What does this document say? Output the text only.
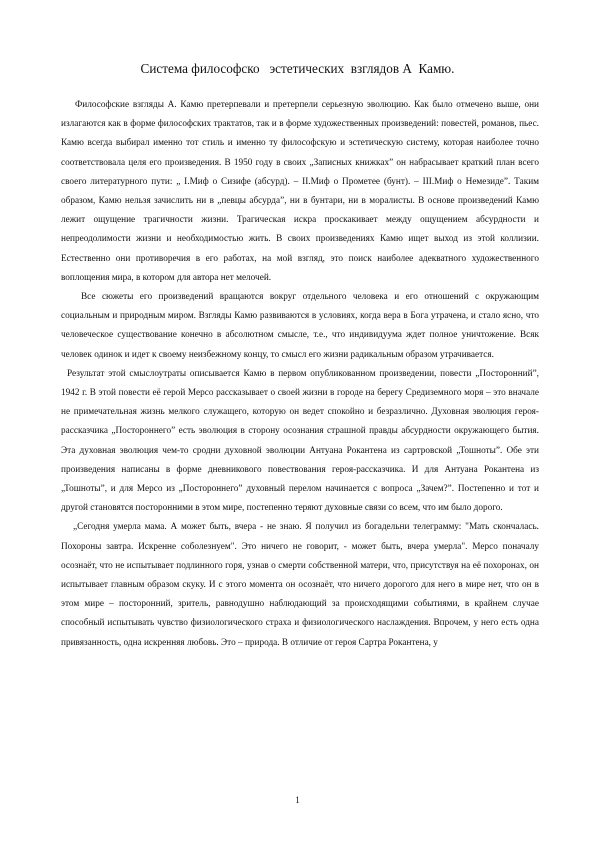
Система философско   эстетических  взглядов А  Камю.

Философские взгляды А. Камю претерпевали и претерпели серьезную эволюцию. Как было отмечено выше, они излагаются как в форме философских трактатов, так и в форме художественных произведений: повестей, романов, пьес. Камю всегда выбирал именно тот стиль и именно ту философскую и эстетическую систему, которая наиболее точно соответствовала целя его произведения. В 1950 году в своих „Записных книжках” он набрасывает краткий план всего своего литературного пути: „ I.Миф о Сизифе (абсурд). – II.Миф о Прометее (бунт). – III.Миф о Немезиде”. Таким образом, Камю нельзя зачислить ни в „певцы абсурда”, ни в бунтари, ни в моралисты. В основе произведений Камю лежит ощущение трагичности жизни. Трагическая искра проскакивает между ощущением абсурдности и непреодолимости жизни и необходимостью жить. В своих произведениях Камю ищет выход из этой коллизии. Естественно они противоречия в его работах, на мой взгляд, это поиск наиболее адекватного художественного воплощения мира, в котором для автора нет мелочей.

Все сюжеты его произведений вращаются вокруг отдельного человека и его отношений с окружающим социальным и природным миром. Взгляды Камю развиваются в условиях, когда вера в Бога утрачена, и стало ясно, что человеческое существование конечно в абсолютном смысле, т.е., что индивидуума ждет полное уничтожение. Всяк человек одинок и идет к своему неизбежному концу, то смысл его жизни радикальным образом утрачивается.

Результат этой смыслоутраты описывается Камю в первом опубликованном произведении, повести „Посторонний”, 1942 г. В этой повести её герой Мерсо рассказывает о своей жизни в городе на берегу Средиземного моря – это вначале не примечательная жизнь мелкого служащего, которую он ведет спокойно и безразлично. Духовная эволюция героя-рассказчика „Постороннего” есть эволюция в сторону осознания страшной правды абсурдности окружающего бытия. Эта духовная эволюция чем-то сродни духовной эволюции Антуана Рокантена из сартровской „Тошноты”. Обе эти произведения написаны в форме дневникового повествования героя-рассказчика. И для Антуана Рокантена из „Тошноты”, и для Мерсо из „Постороннего” духовный перелом начинается с вопроса „Зачем?”. Постепенно и тот и другой становятся посторонними в этом мире, постепенно теряют духовные связи со всем, что им было дорого.

„Сегодня умерла мама. А может быть, вчера - не знаю. Я получил из богадельни телеграмму: "Мать скончалась. Похороны завтра. Искренне соболезнуем". Это ничего не говорит, - может быть, вчера умерла". Мерсо поначалу осознаёт, что не испытывает подлинного горя, узнав о смерти собственной матери, что, присутствуя на её похоронах, он испытывает главным образом скуку. И с этого момента он осознаёт, что ничего дорогого для него в мире нет, что он в этом мире – посторонний, зритель, равнодушно наблюдающий за происходящими событиями, в крайнем случае способный испытывать чувство физиологического страха и физиологического наслаждения. Впрочем, у него есть одна привязанность, одна искренняя любовь. Это – природа. В отличие от героя Сартра Рокантена, у

1
